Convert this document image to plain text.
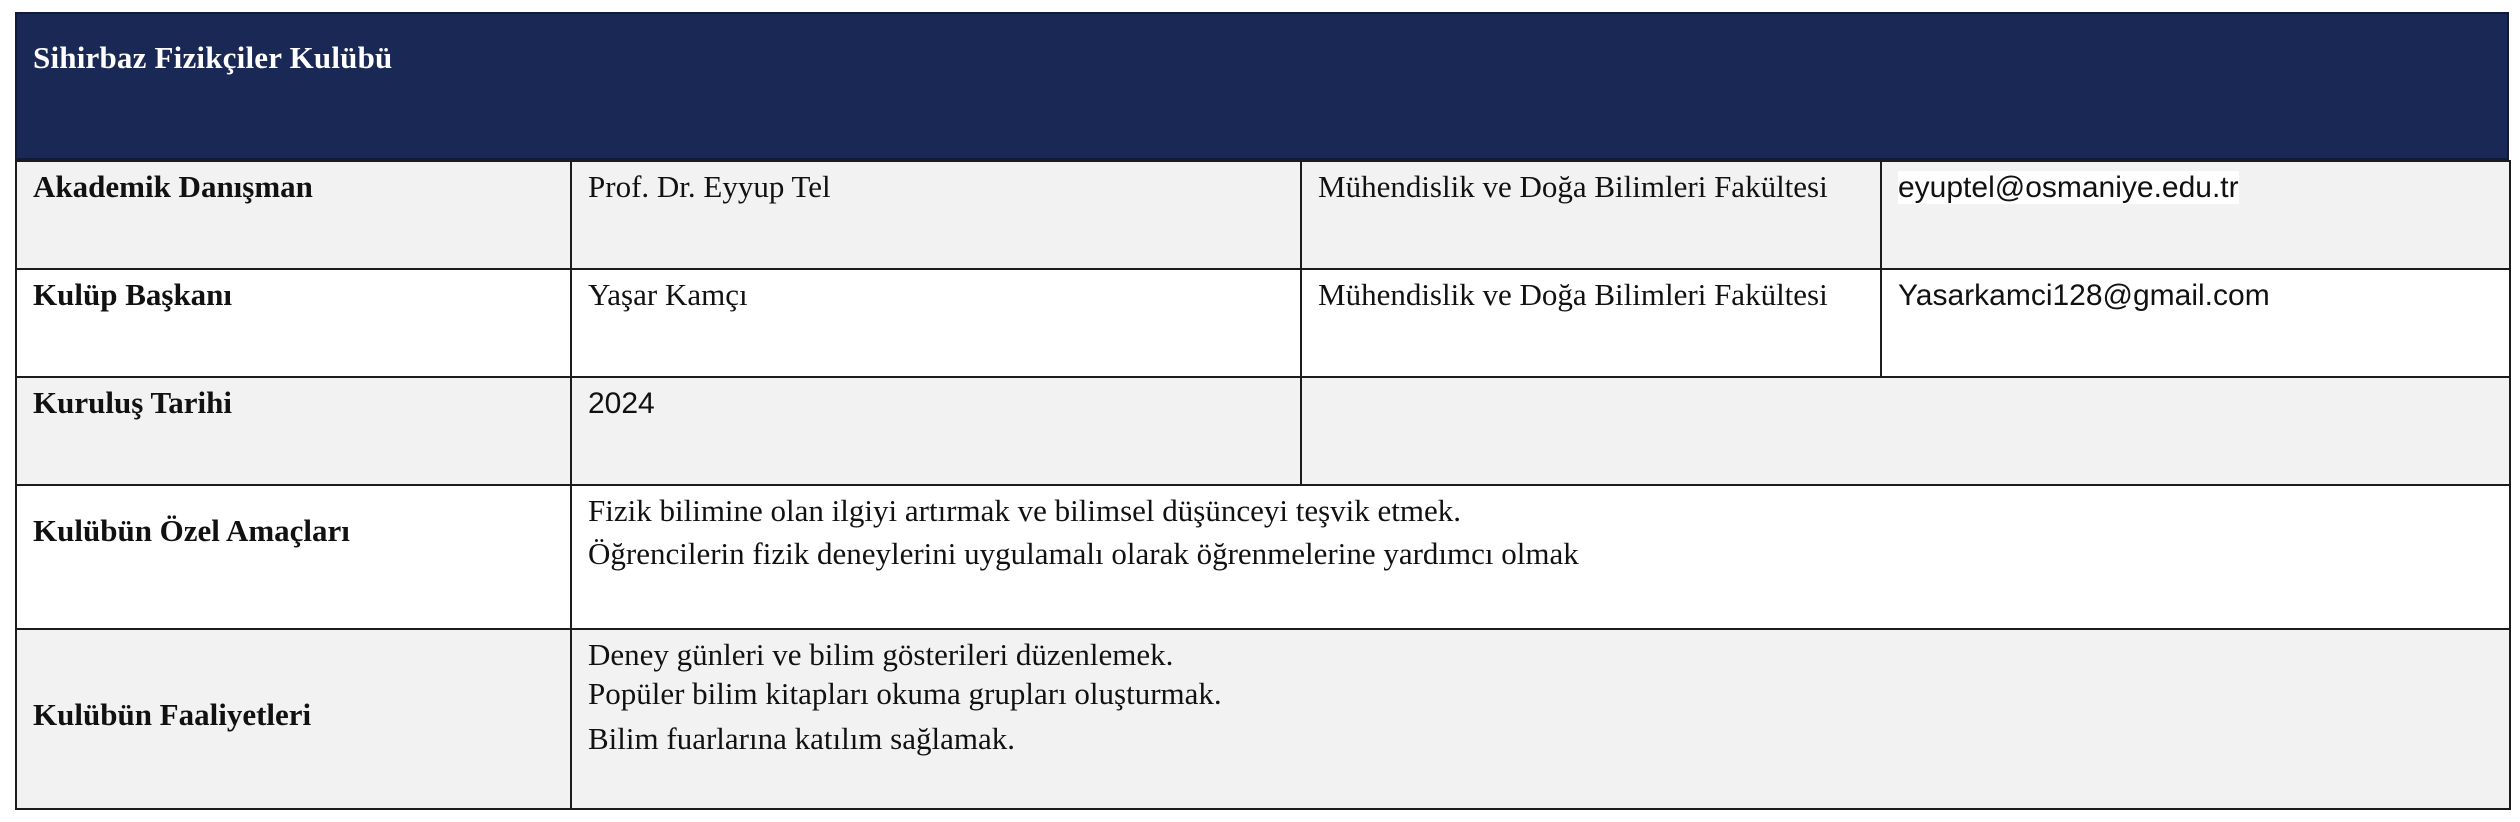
Sihirbaz Fizikçiler Kulübü
Akademik Danışman	Prof. Dr. Eyyup Tel	Mühendislik ve Doğa Bilimleri Fakültesi	eyuptel@osmaniye.edu.tr
Kulüp Başkanı	Yaşar Kamçı	Mühendislik ve Doğa Bilimleri Fakültesi	Yasarkamci128@gmail.com
Kuruluş Tarihi	2024		
Kulübün Özel Amaçları	Fizik bilimine olan ilgiyi artırmak ve bilimsel düşünceyi teşvik etmek.
Öğrencilerin fizik deneylerini uygulamalı olarak öğrenmelerine yardımcı olmak		

Kulübün Faaliyetleri	Deney günleri ve bilim gösterileri düzenlemek.
Popüler bilim kitapları okuma grupları oluşturmak.
Bilim fuarlarına katılım sağlamak.		
